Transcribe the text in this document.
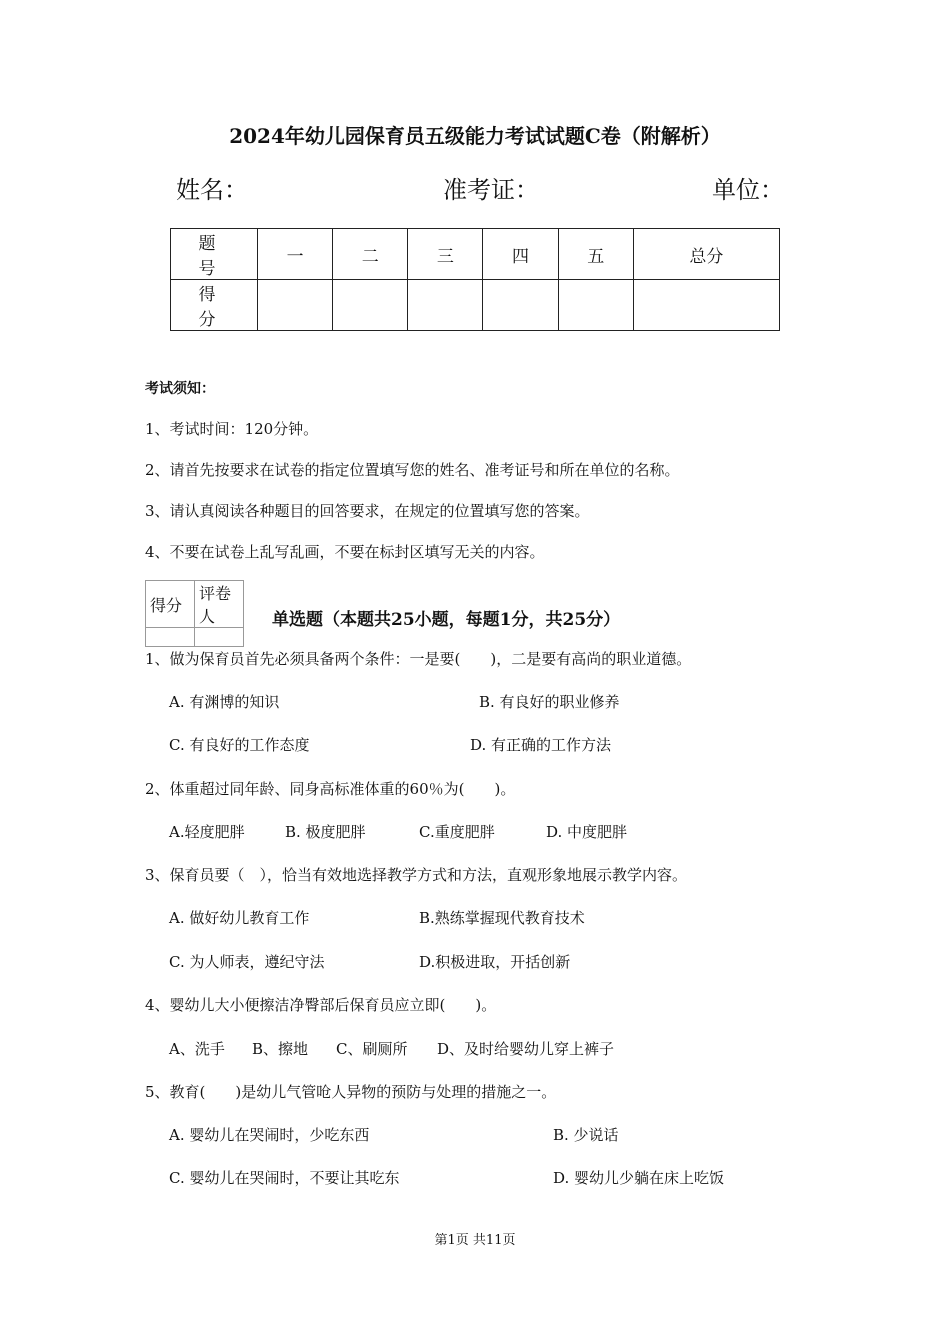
2024年幼儿园保育员五级能力考试试题C卷（附解析）
姓名：	准考证：	单位：
题　号	一	二	三	四	五	总分
得　分						
考试须知：
1、考试时间：120分钟。
2、请首先按要求在试卷的指定位置填写您的姓名、准考证号和所在单位的名称。
3、请认真阅读各种题目的回答要求，在规定的位置填写您的答案。
4、不要在试卷上乱写乱画，不要在标封区填写无关的内容。
得分	评卷人
		单选题（本题共25小题，每题1分，共25分）
1、做为保育员首先必须具备两个条件：一是要(　　)，二是要有高尚的职业道德。
A. 有渊博的知识	B. 有良好的职业修养
C. 有良好的工作态度	D. 有正确的工作方法
2、体重超过同年龄、同身高标准体重的60％为(　　)。
A.轻度肥胖	B. 极度肥胖	C.重度肥胖	D. 中度肥胖
3、保育员要（　），恰当有效地选择教学方式和方法，直观形象地展示教学内容。
A. 做好幼儿教育工作	B.熟练掌握现代教育技术
C. 为人师表，遵纪守法	D.积极进取，开括创新
4、婴幼儿大小便擦洁净臀部后保育员应立即(　　)。
A、洗手 B、擦地 C、刷厕所 D、及时给婴幼儿穿上裤子
5、教育(　　)是幼儿气管呛人异物的预防与处理的措施之一。
A. 婴幼儿在哭闹时，少吃东西	B. 少说话
C. 婴幼儿在哭闹时，不要让其吃东	D. 婴幼儿少躺在床上吃饭
第1页 共11页
